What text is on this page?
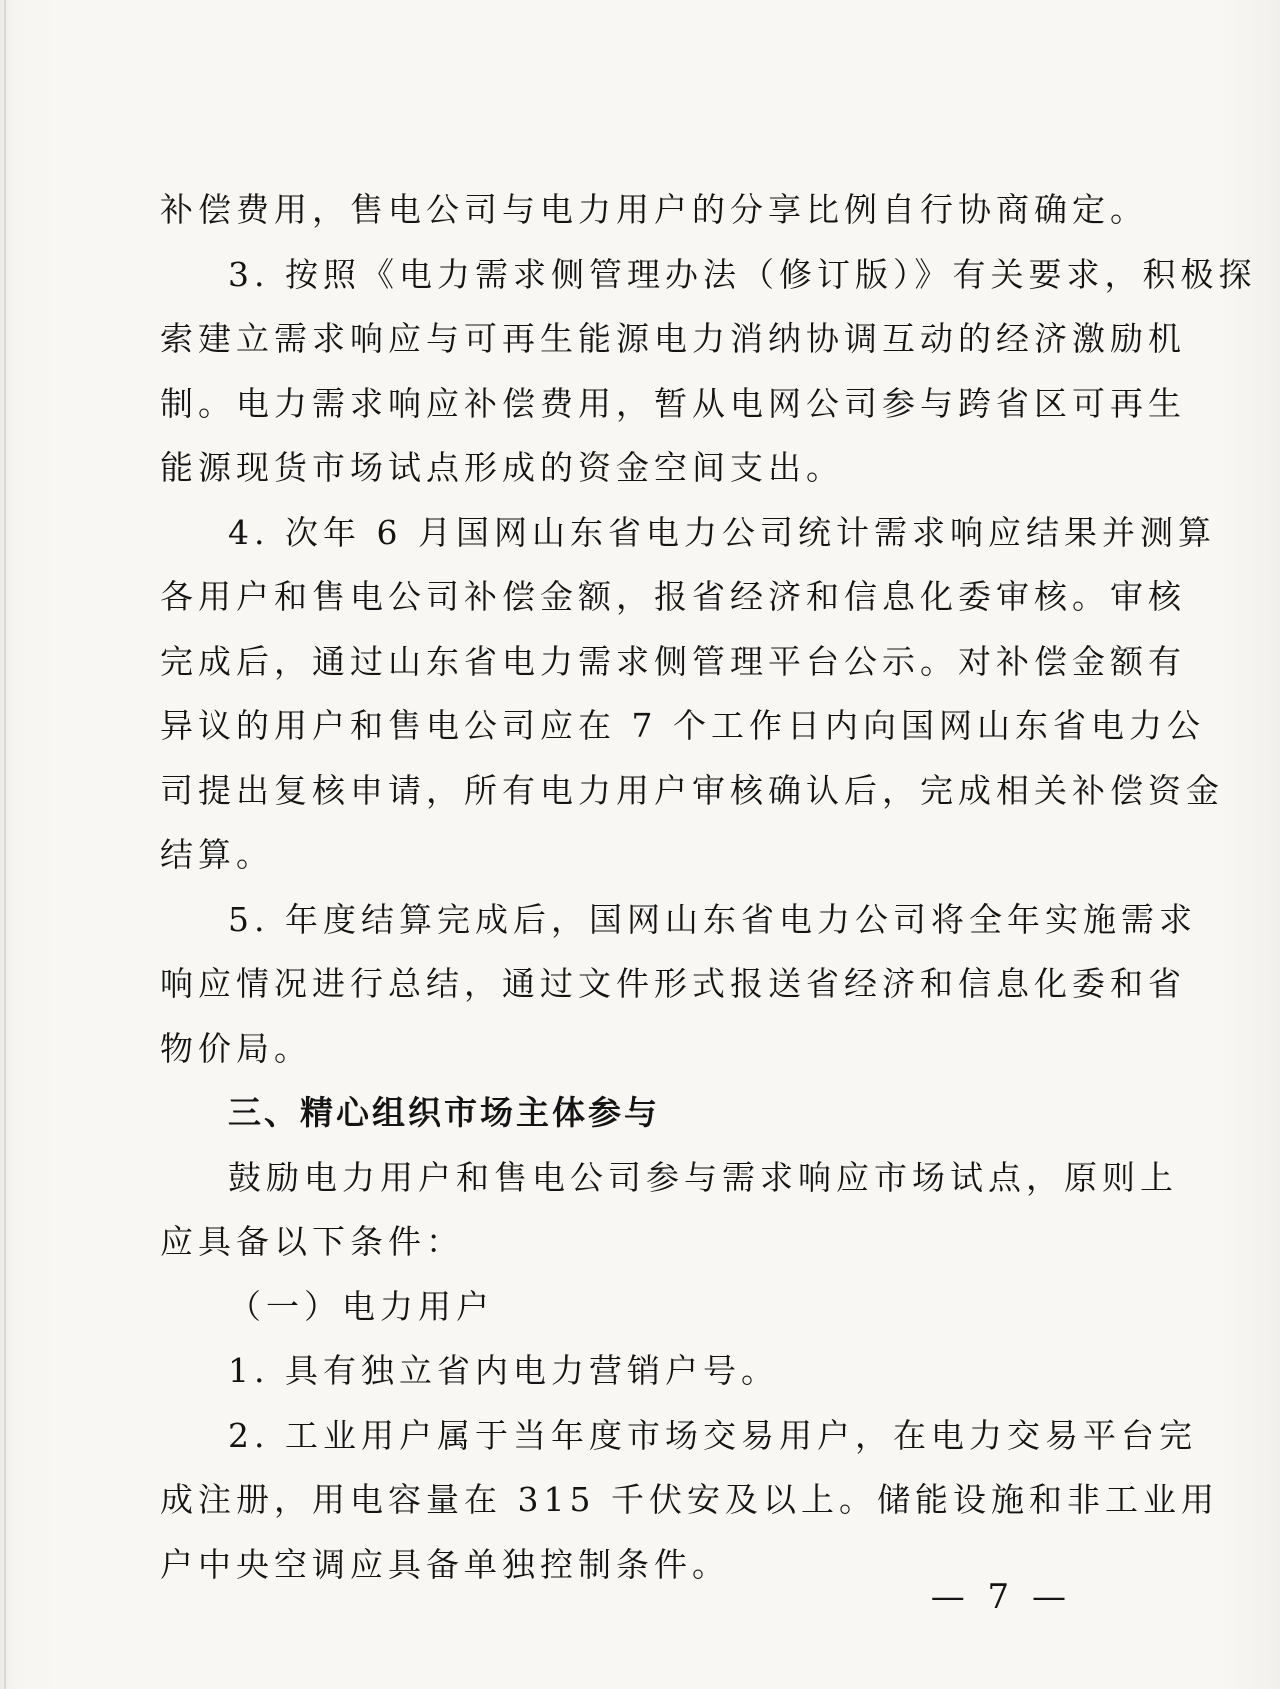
补偿费用，售电公司与电力用户的分享比例自行协商确定。
3. 按照《电力需求侧管理办法（修订版）》有关要求，积极探
索建立需求响应与可再生能源电力消纳协调互动的经济激励机
制。电力需求响应补偿费用，暂从电网公司参与跨省区可再生
能源现货市场试点形成的资金空间支出。
4. 次年 6 月国网山东省电力公司统计需求响应结果并测算
各用户和售电公司补偿金额，报省经济和信息化委审核。审核
完成后，通过山东省电力需求侧管理平台公示。对补偿金额有
异议的用户和售电公司应在 7 个工作日内向国网山东省电力公
司提出复核申请，所有电力用户审核确认后，完成相关补偿资金
结算。
5. 年度结算完成后，国网山东省电力公司将全年实施需求
响应情况进行总结，通过文件形式报送省经济和信息化委和省
物价局。
三、精心组织市场主体参与
鼓励电力用户和售电公司参与需求响应市场试点，原则上
应具备以下条件：
（一）电力用户
1. 具有独立省内电力营销户号。
2. 工业用户属于当年度市场交易用户，在电力交易平台完
成注册，用电容量在 315 千伏安及以上。储能设施和非工业用
户中央空调应具备单独控制条件。
— 7 —
